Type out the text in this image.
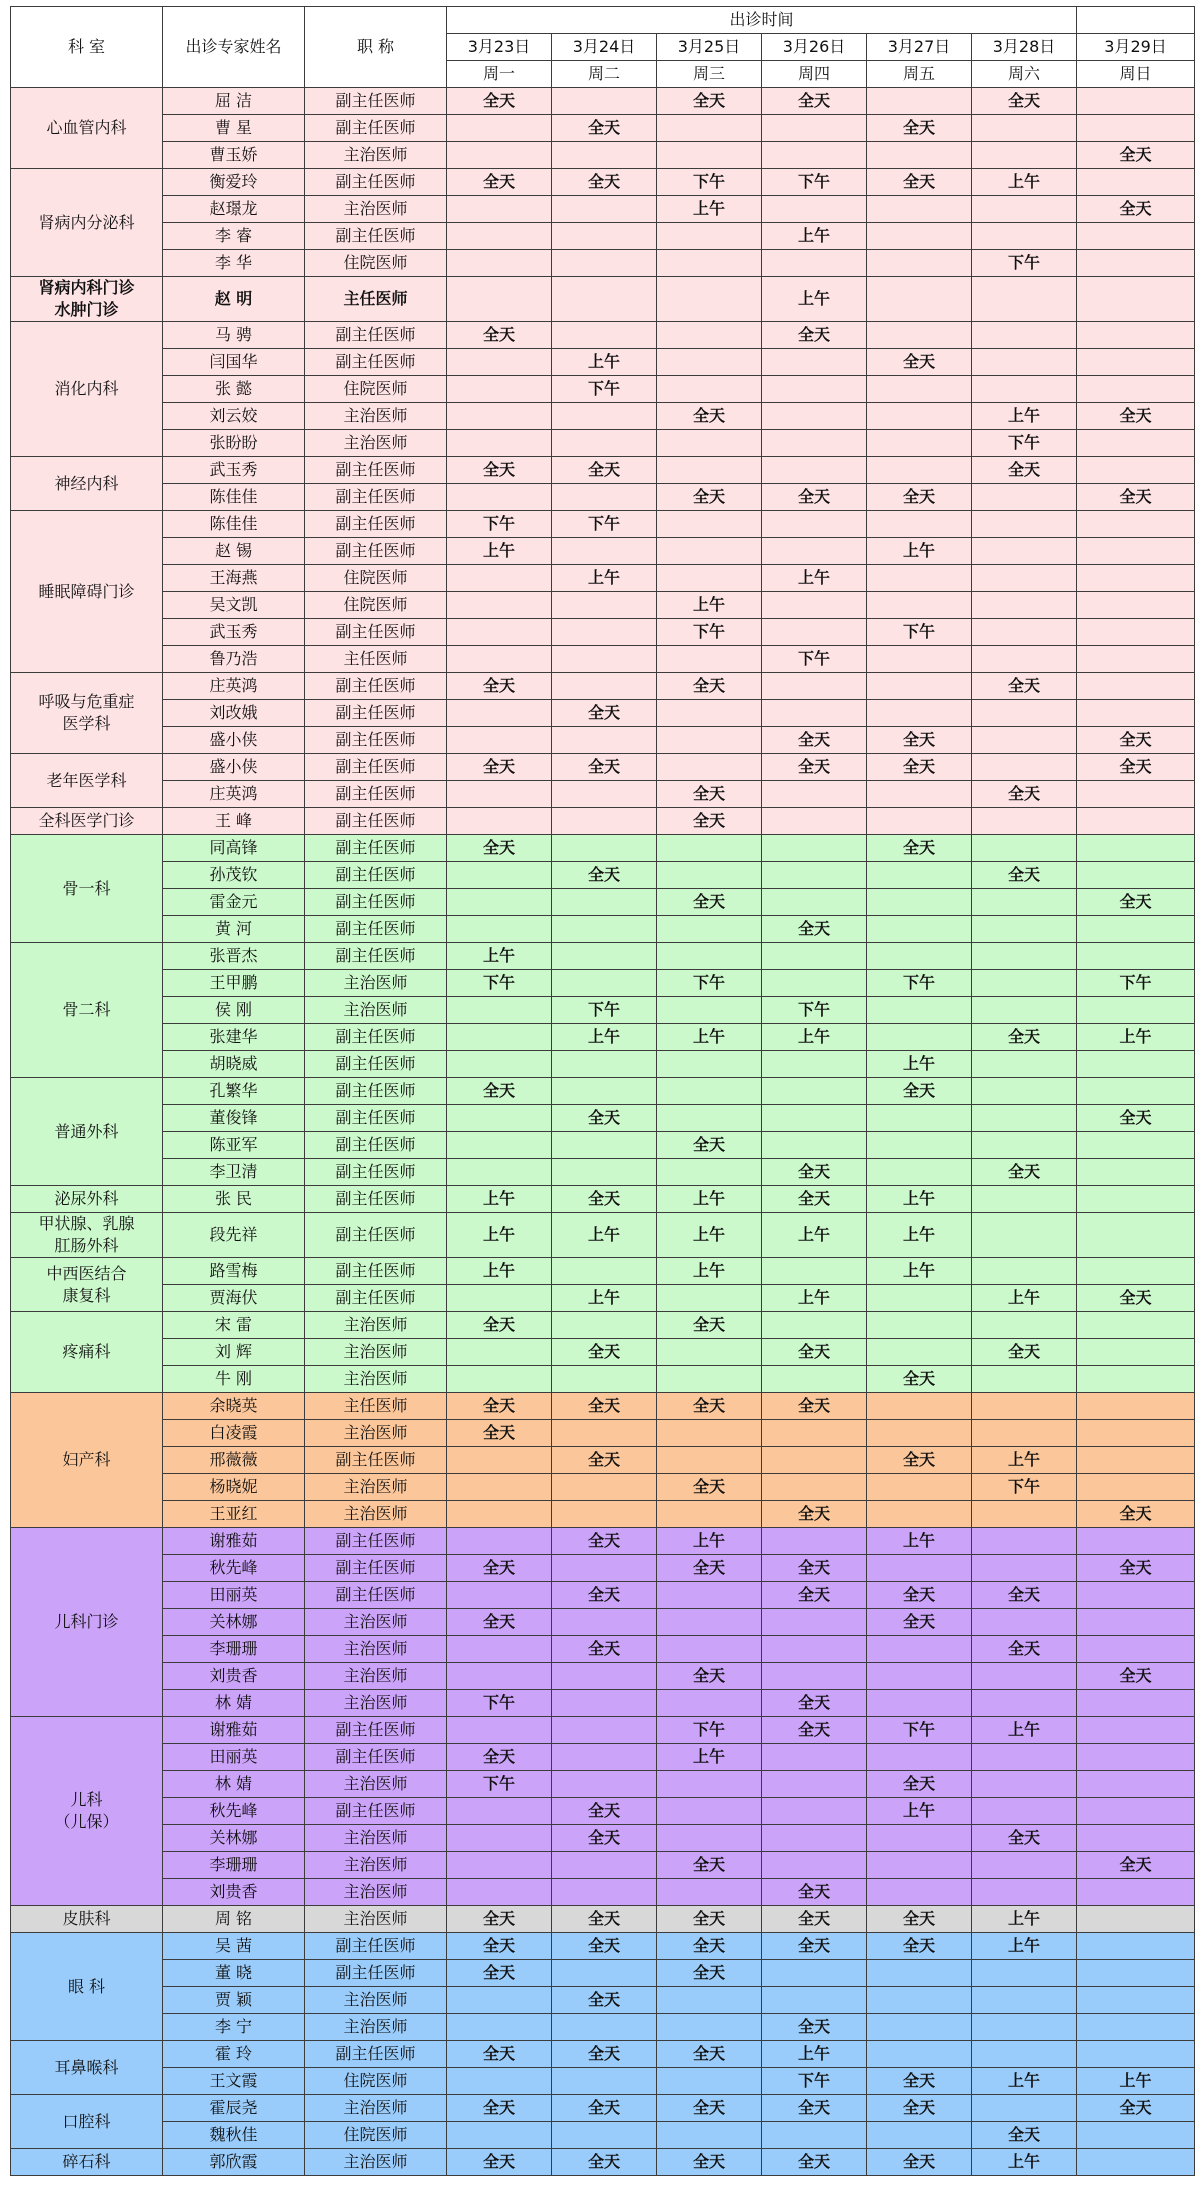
科 室	出诊专家姓名	职 称	出诊时间						
			3月23日	3月24日	3月25日	3月26日	3月27日	3月28日	3月29日
			周一	周二	周三	周四	周五	周六	周日
心血管内科	屈 洁	副主任医师	全天		全天	全天		全天	
	曹 星	副主任医师		全天			全天		
	曹玉娇	主治医师							全天
肾病内分泌科	衡爱玲	副主任医师	全天	全天	下午	下午	全天	上午	
	赵璟龙	主治医师			上午				全天
	李 睿	副主任医师				上午			
	李 华	住院医师						下午	
肾病内科门诊
水肿门诊	赵 明	主任医师				上午			
消化内科	马 骋	副主任医师	全天			全天			
	闫国华	副主任医师		上午			全天		
	张 懿	住院医师		下午					
	刘云姣	主治医师			全天			上午	全天
	张盼盼	主治医师						下午	
神经内科	武玉秀	副主任医师	全天	全天				全天	
	陈佳佳	副主任医师			全天	全天	全天		全天
睡眠障碍门诊	陈佳佳	副主任医师	下午	下午					
	赵 锡	副主任医师	上午				上午		
	王海燕	住院医师		上午		上午			
	吴文凯	住院医师			上午				
	武玉秀	副主任医师			下午		下午		
	鲁乃浩	主任医师				下午			
呼吸与危重症
医学科	庄英鸿	副主任医师	全天		全天			全天	
	刘改娥	副主任医师		全天					
	盛小侠	副主任医师				全天	全天		全天
老年医学科	盛小侠	副主任医师	全天	全天		全天	全天		全天
	庄英鸿	副主任医师			全天			全天	
全科医学门诊	王 峰	副主任医师			全天				
骨一科	同高锋	副主任医师	全天				全天		
	孙茂钦	副主任医师		全天				全天	
	雷金元	副主任医师			全天				全天
	黄 河	副主任医师				全天			
骨二科	张晋杰	副主任医师	上午						
	王甲鹏	主治医师	下午		下午		下午		下午
	侯 刚	主治医师		下午		下午			
	张建华	副主任医师		上午	上午	上午		全天	上午
	胡晓威	副主任医师					上午		
普通外科	孔繁华	副主任医师	全天				全天		
	董俊锋	副主任医师		全天					全天
	陈亚军	副主任医师			全天				
	李卫清	副主任医师				全天		全天	
泌尿外科	张 民	副主任医师	上午	全天	上午	全天	上午		
甲状腺、乳腺
肛肠外科	段先祥	副主任医师	上午	上午	上午	上午	上午		
中西医结合
康复科	路雪梅	副主任医师	上午		上午		上午		
	贾海伏	副主任医师		上午		上午		上午	全天
疼痛科	宋 雷	主治医师	全天		全天				
	刘 辉	主治医师		全天		全天		全天	
	牛 刚	主治医师					全天		
妇产科	余晓英	主任医师	全天	全天	全天	全天			
	白凌霞	主治医师	全天						
	邢薇薇	副主任医师		全天			全天	上午	
	杨晓妮	主治医师			全天			下午	
	王亚红	主治医师				全天			全天
儿科门诊	谢雅茹	副主任医师		全天	上午		上午		
	秋先峰	副主任医师	全天		全天	全天			全天
	田丽英	副主任医师		全天		全天	全天	全天	
	关林娜	主治医师	全天				全天		
	李珊珊	主治医师		全天				全天	
	刘贵香	主治医师			全天				全天
	林 婧	主治医师	下午			全天			
儿科
（儿保）	谢雅茹	副主任医师			下午	全天	下午	上午	
	田丽英	副主任医师	全天		上午				
	林 婧	主治医师	下午				全天		
	秋先峰	副主任医师		全天			上午		
	关林娜	主治医师		全天				全天	
	李珊珊	主治医师			全天				全天
	刘贵香	主治医师				全天			
皮肤科	周 铭	主治医师	全天	全天	全天	全天	全天	上午	
眼 科	吴 茜	副主任医师	全天	全天	全天	全天	全天	上午	
	董 晓	副主任医师	全天		全天				
	贾 颖	主治医师		全天					
	李 宁	主治医师				全天			
耳鼻喉科	霍 玲	副主任医师	全天	全天	全天	上午			
	王文霞	住院医师				下午	全天	上午	上午
口腔科	霍辰尧	主治医师	全天	全天	全天	全天	全天		全天
	魏秋佳	住院医师						全天	
碎石科	郭欣霞	主治医师	全天	全天	全天	全天	全天	上午	
